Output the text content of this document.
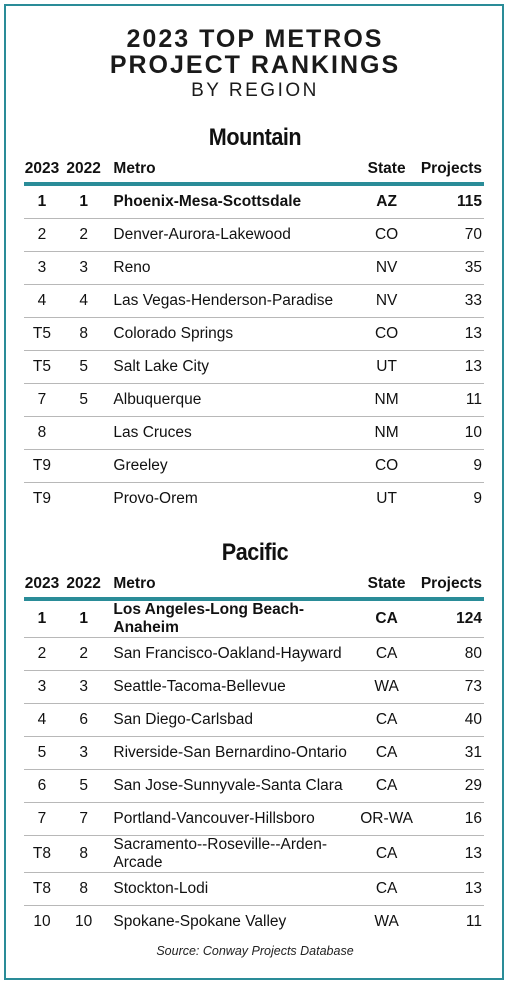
2023 TOP METROS
PROJECT RANKINGS
BY REGION
Mountain
2023	2022	Metro	State	Projects
1	1	Phoenix-Mesa-Scottsdale	AZ	115
2	2	Denver-Aurora-Lakewood	CO	70
3	3	Reno	NV	35
4	4	Las Vegas-Henderson-Paradise	NV	33
T5	8	Colorado Springs	CO	13
T5	5	Salt Lake City	UT	13
7	5	Albuquerque	NM	11
8		Las Cruces	NM	10
T9		Greeley	CO	9
T9		Provo-Orem	UT	9
Pacific
2023	2022	Metro	State	Projects
1	1	Los Angeles-Long Beach-Anaheim	CA	124
2	2	San Francisco-Oakland-Hayward	CA	80
3	3	Seattle-Tacoma-Bellevue	WA	73
4	6	San Diego-Carlsbad	CA	40
5	3	Riverside-San Bernardino-Ontario	CA	31
6	5	San Jose-Sunnyvale-Santa Clara	CA	29
7	7	Portland-Vancouver-Hillsboro	OR-WA	16
T8	8	Sacramento--Roseville--Arden-Arcade	CA	13
T8	8	Stockton-Lodi	CA	13
10	10	Spokane-Spokane Valley	WA	11
Source: Conway Projects Database
